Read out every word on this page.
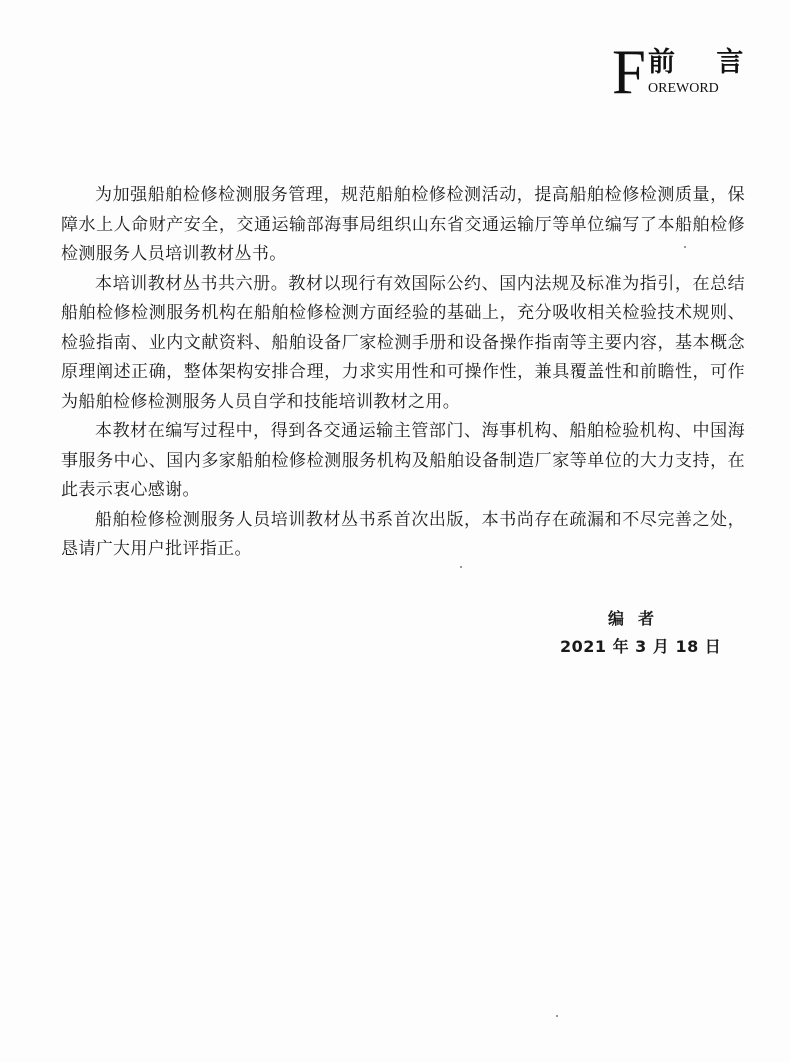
F 前 言
OREWORD

为加强船舶检修检测服务管理，规范船舶检修检测活动，提高船舶检修检测质量，保障水上人命财产安全，交通运输部海事局组织山东省交通运输厅等单位编写了本船舶检修检测服务人员培训教材丛书。

本培训教材丛书共六册。教材以现行有效国际公约、国内法规及标准为指引，在总结船舶检修检测服务机构在船舶检修检测方面经验的基础上，充分吸收相关检验技术规则、检验指南、业内文献资料、船舶设备厂家检测手册和设备操作指南等主要内容，基本概念原理阐述正确，整体架构安排合理，力求实用性和可操作性，兼具覆盖性和前瞻性，可作为船舶检修检测服务人员自学和技能培训教材之用。

本教材在编写过程中，得到各交通运输主管部门、海事机构、船舶检验机构、中国海事服务中心、国内多家船舶检修检测服务机构及船舶设备制造厂家等单位的大力支持，在此表示衷心感谢。

船舶检修检测服务人员培训教材丛书系首次出版，本书尚存在疏漏和不尽完善之处，恳请广大用户批评指正。

编者
2021 年 3 月 18 日
